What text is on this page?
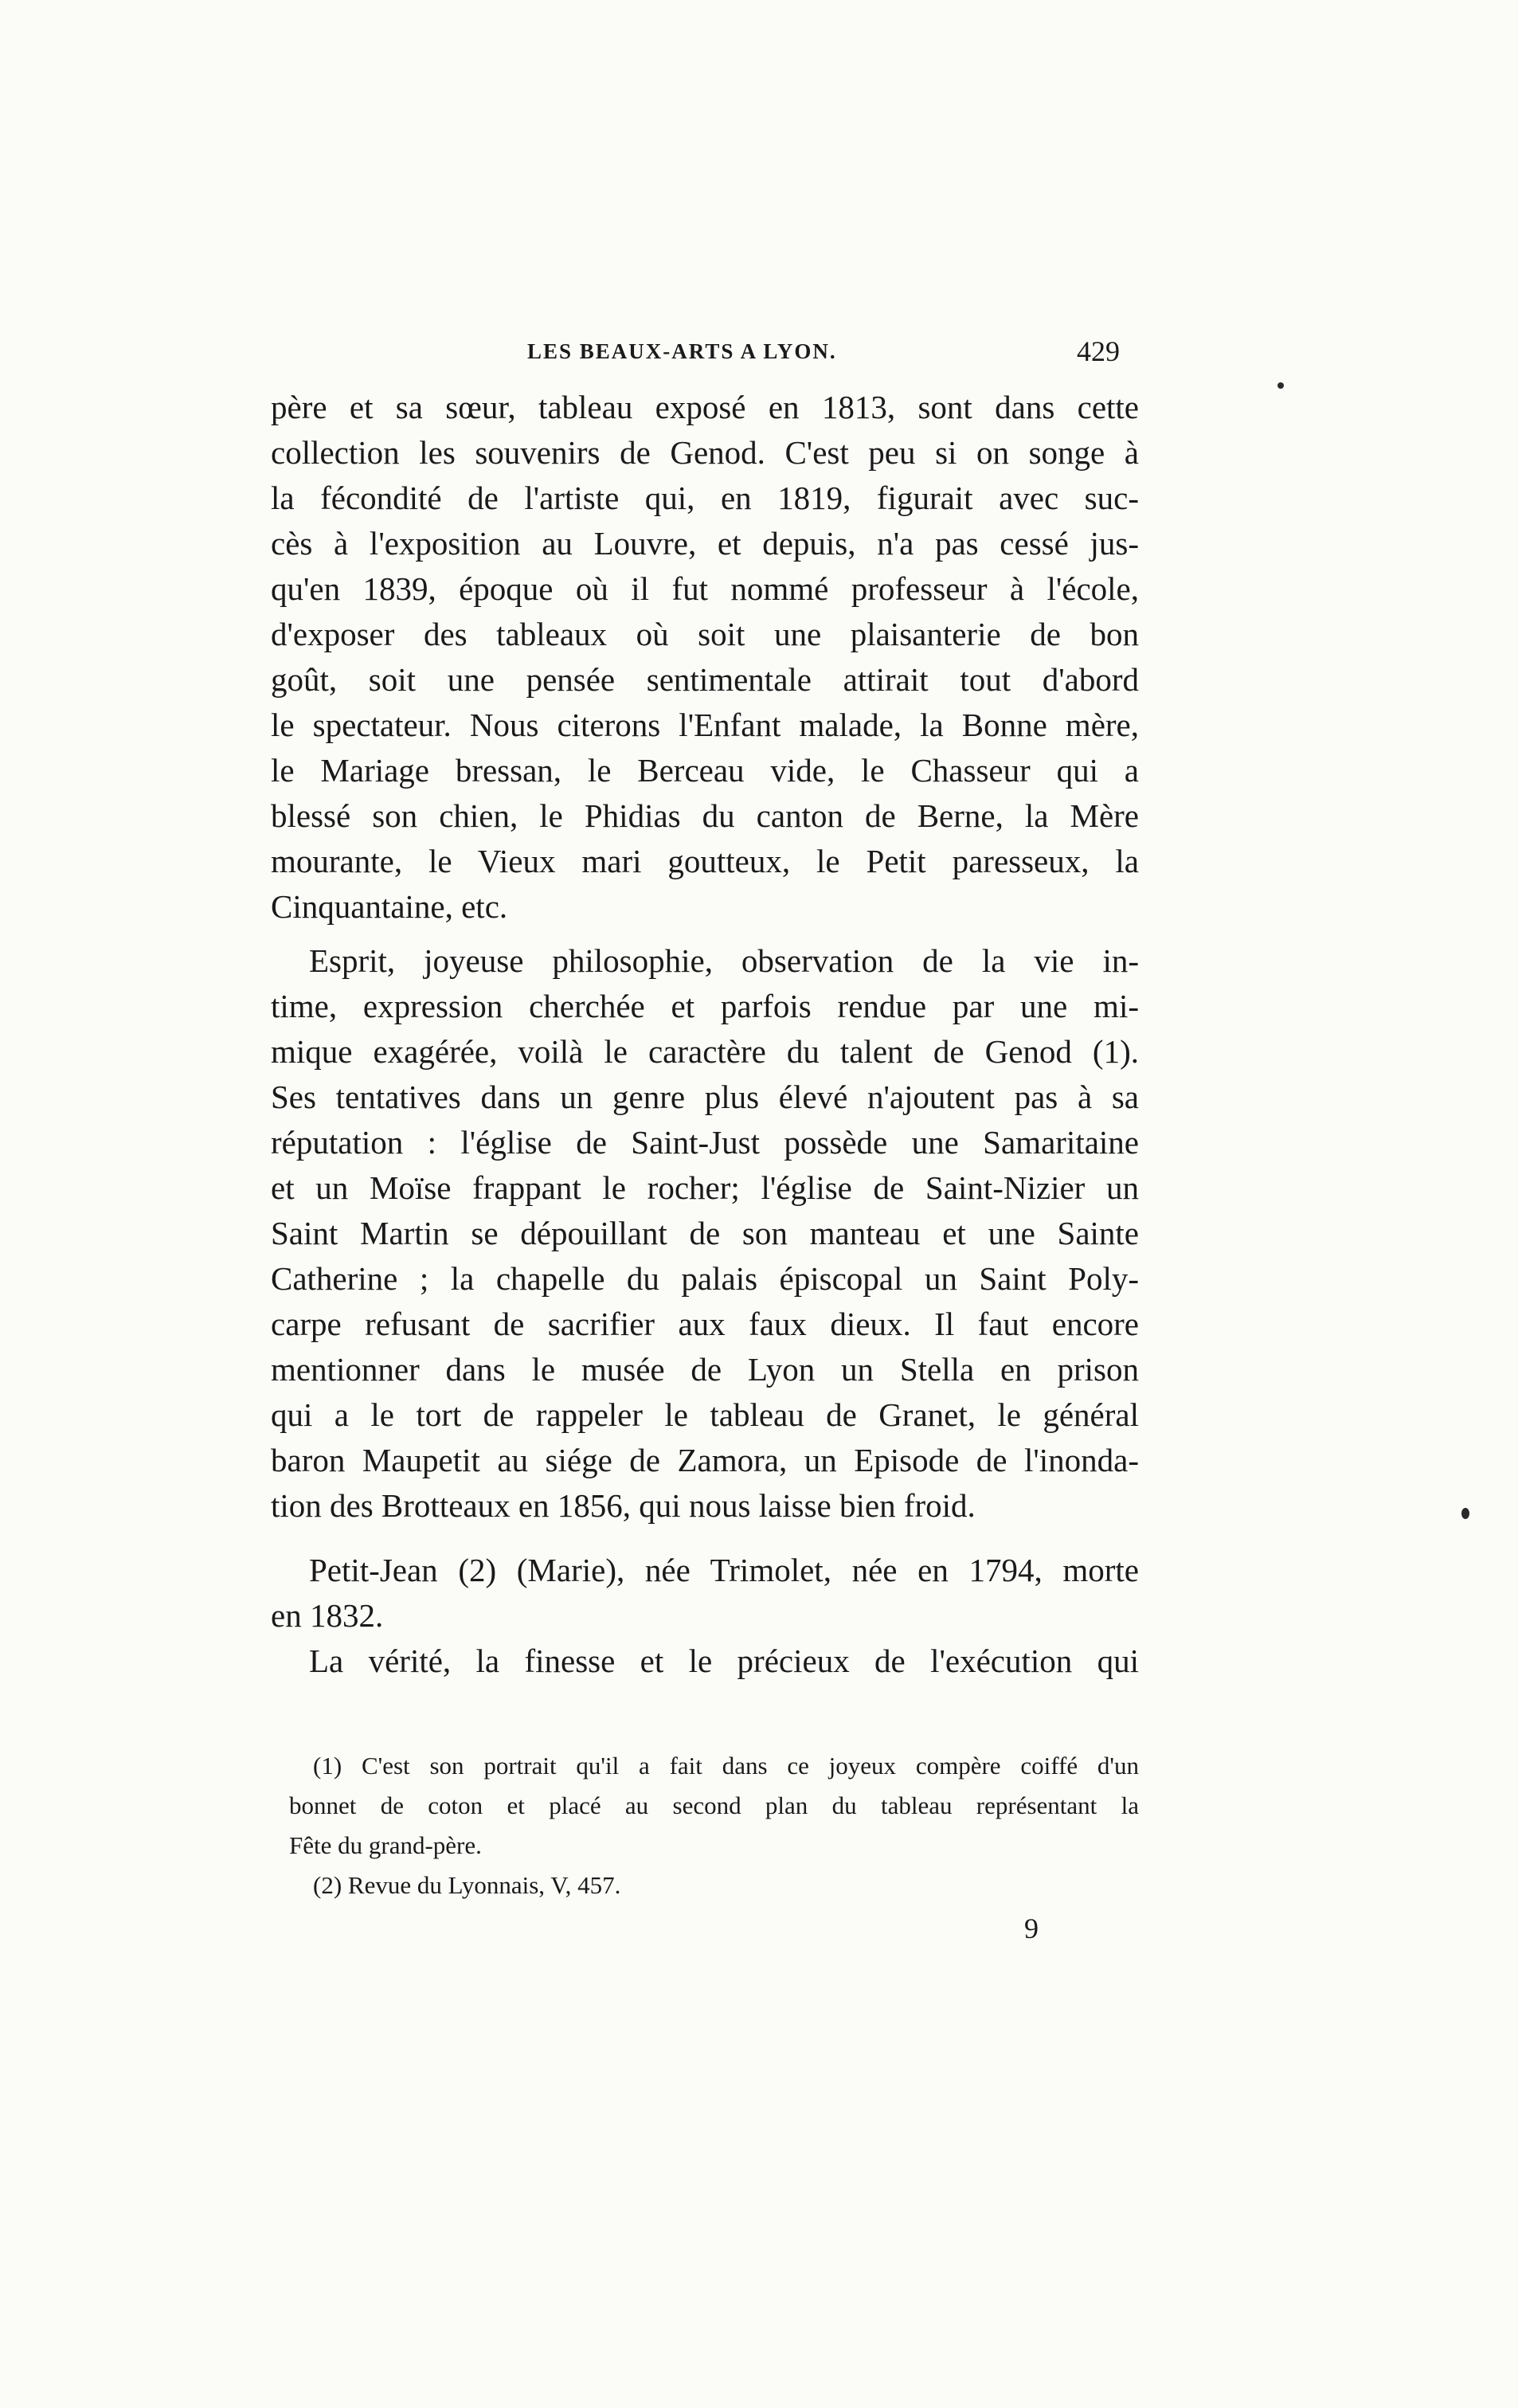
LES BEAUX-ARTS A LYON.	429
père et sa sœur, tableau exposé en 1813, sont dans cette
collection les souvenirs de Genod. C'est peu si on songe à
la fécondité de l'artiste qui, en 1819, figurait avec suc-
cès à l'exposition au Louvre, et depuis, n'a pas cessé jus-
qu'en 1839, époque où il fut nommé professeur à l'école,
d'exposer des tableaux où soit une plaisanterie de bon
goût, soit une pensée sentimentale attirait tout d'abord
le spectateur. Nous citerons l'Enfant malade, la Bonne mère,
le Mariage bressan, le Berceau vide, le Chasseur qui a
blessé son chien, le Phidias du canton de Berne, la Mère
mourante, le Vieux mari goutteux, le Petit paresseux, la
Cinquantaine, etc.
Esprit, joyeuse philosophie, observation de la vie in-
time, expression cherchée et parfois rendue par une mi-
mique exagérée, voilà le caractère du talent de Genod (1).
Ses tentatives dans un genre plus élevé n'ajoutent pas à sa
réputation : l'église de Saint-Just possède une Samaritaine
et un Moïse frappant le rocher; l'église de Saint-Nizier un
Saint Martin se dépouillant de son manteau et une Sainte
Catherine ; la chapelle du palais épiscopal un Saint Poly-
carpe refusant de sacrifier aux faux dieux. Il faut encore
mentionner dans le musée de Lyon un Stella en prison
qui a le tort de rappeler le tableau de Granet, le général
baron Maupetit au siége de Zamora, un Episode de l'inonda-
tion des Brotteaux en 1856, qui nous laisse bien froid.
Petit-Jean (2) (Marie), née Trimolet, née en 1794, morte
en 1832.
La vérité, la finesse et le précieux de l'exécution qui
(1) C'est son portrait qu'il a fait dans ce joyeux compère coiffé d'un
bonnet de coton et placé au second plan du tableau représentant la
Fête du grand-père.
(2) Revue du Lyonnais, V, 457.
9
